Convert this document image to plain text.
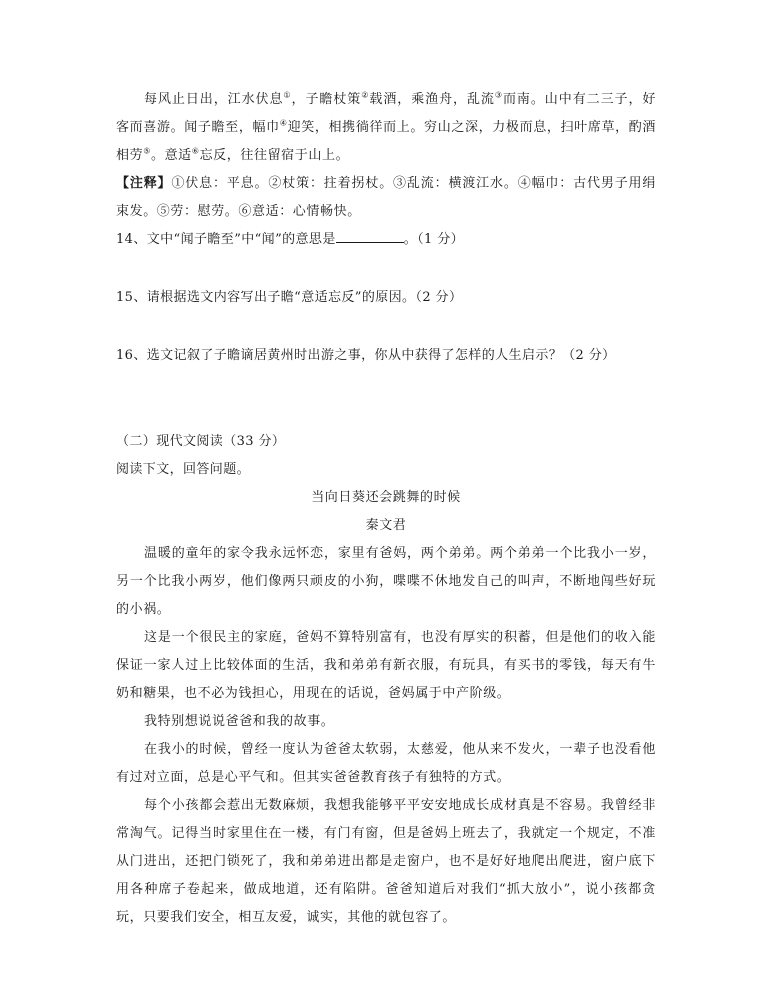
每风止日出，江水伏息①，子瞻杖策②载酒，乘渔舟，乱流③而南。山中有二三子，好客而喜游。闻子瞻至，幅巾④迎笑，相携徜徉而上。穷山之深，力极而息，扫叶席草，酌酒相劳⑤。意适⑥忘反，往往留宿于山上。

【注释】①伏息：平息。②杖策：拄着拐杖。③乱流：横渡江水。④幅巾：古代男子用绢束发。⑤劳：慰劳。⑥意适：心情畅快。

14、文中“闻子瞻至”中“闻”的意思是	。（1 分）

15、请根据选文内容写出子瞻“意适忘反”的原因。（2 分）

16、选文记叙了子瞻谪居黄州时出游之事，你从中获得了怎样的人生启示？（2 分）

（二）现代文阅读（33 分）

阅读下文，回答问题。

当向日葵还会跳舞的时候

秦文君

温暖的童年的家令我永远怀恋，家里有爸妈，两个弟弟。两个弟弟一个比我小一岁，另一个比我小两岁，他们像两只顽皮的小狗，喋喋不休地发自己的叫声，不断地闯些好玩的小祸。

这是一个很民主的家庭，爸妈不算特别富有，也没有厚实的积蓄，但是他们的收入能保证一家人过上比较体面的生活，我和弟弟有新衣服，有玩具，有买书的零钱，每天有牛奶和糖果，也不必为钱担心，用现在的话说，爸妈属于中产阶级。

我特别想说说爸爸和我的故事。

在我小的时候，曾经一度认为爸爸太软弱，太慈爱，他从来不发火，一辈子也没看他有过对立面，总是心平气和。但其实爸爸教育孩子有独特的方式。

每个小孩都会惹出无数麻烦，我想我能够平平安安地成长成材真是不容易。我曾经非常淘气。记得当时家里住在一楼，有门有窗，但是爸妈上班去了，我就定一个规定，不准从门进出，还把门锁死了，我和弟弟进出都是走窗户，也不是好好地爬出爬进，窗户底下用各种席子卷起来，做成地道，还有陷阱。爸爸知道后对我们“抓大放小”，说小孩都贪玩，只要我们安全，相互友爱，诚实，其他的就包容了。
